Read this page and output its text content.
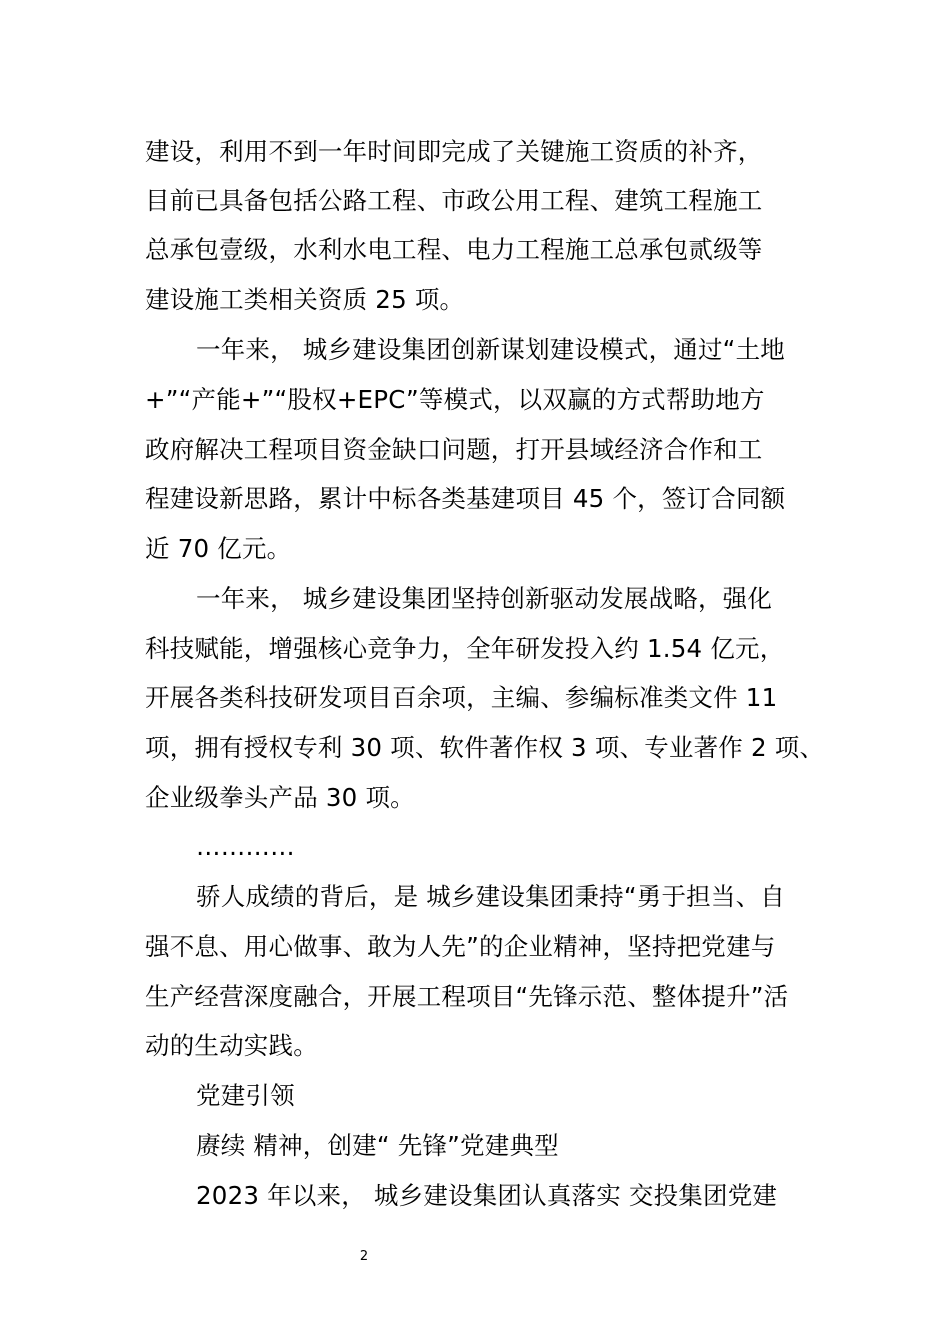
建设，利用不到一年时间即完成了关键施工资质的补齐，
目前已具备包括公路工程、市政公用工程、建筑工程施工
总承包壹级，水利水电工程、电力工程施工总承包贰级等
建设施工类相关资质 25 项。
一年来， 城乡建设集团创新谋划建设模式，通过“土地
+”“产能+”“股权+EPC”等模式，以双赢的方式帮助地方
政府解决工程项目资金缺口问题，打开县域经济合作和工
程建设新思路，累计中标各类基建项目 45 个，签订合同额
近 70 亿元。
一年来， 城乡建设集团坚持创新驱动发展战略，强化
科技赋能，增强核心竞争力，全年研发投入约 1.54 亿元，
开展各类科技研发项目百余项，主编、参编标准类文件 11
项，拥有授权专利 30 项、软件著作权 3 项、专业著作 2 项、
企业级拳头产品 30 项。
…………
骄人成绩的背后，是 城乡建设集团秉持“勇于担当、自
强不息、用心做事、敢为人先”的企业精神，坚持把党建与
生产经营深度融合，开展工程项目“先锋示范、整体提升”活
动的生动实践。
党建引领
赓续 精神，创建“ 先锋”党建典型
2023 年以来， 城乡建设集团认真落实 交投集团党建
2
